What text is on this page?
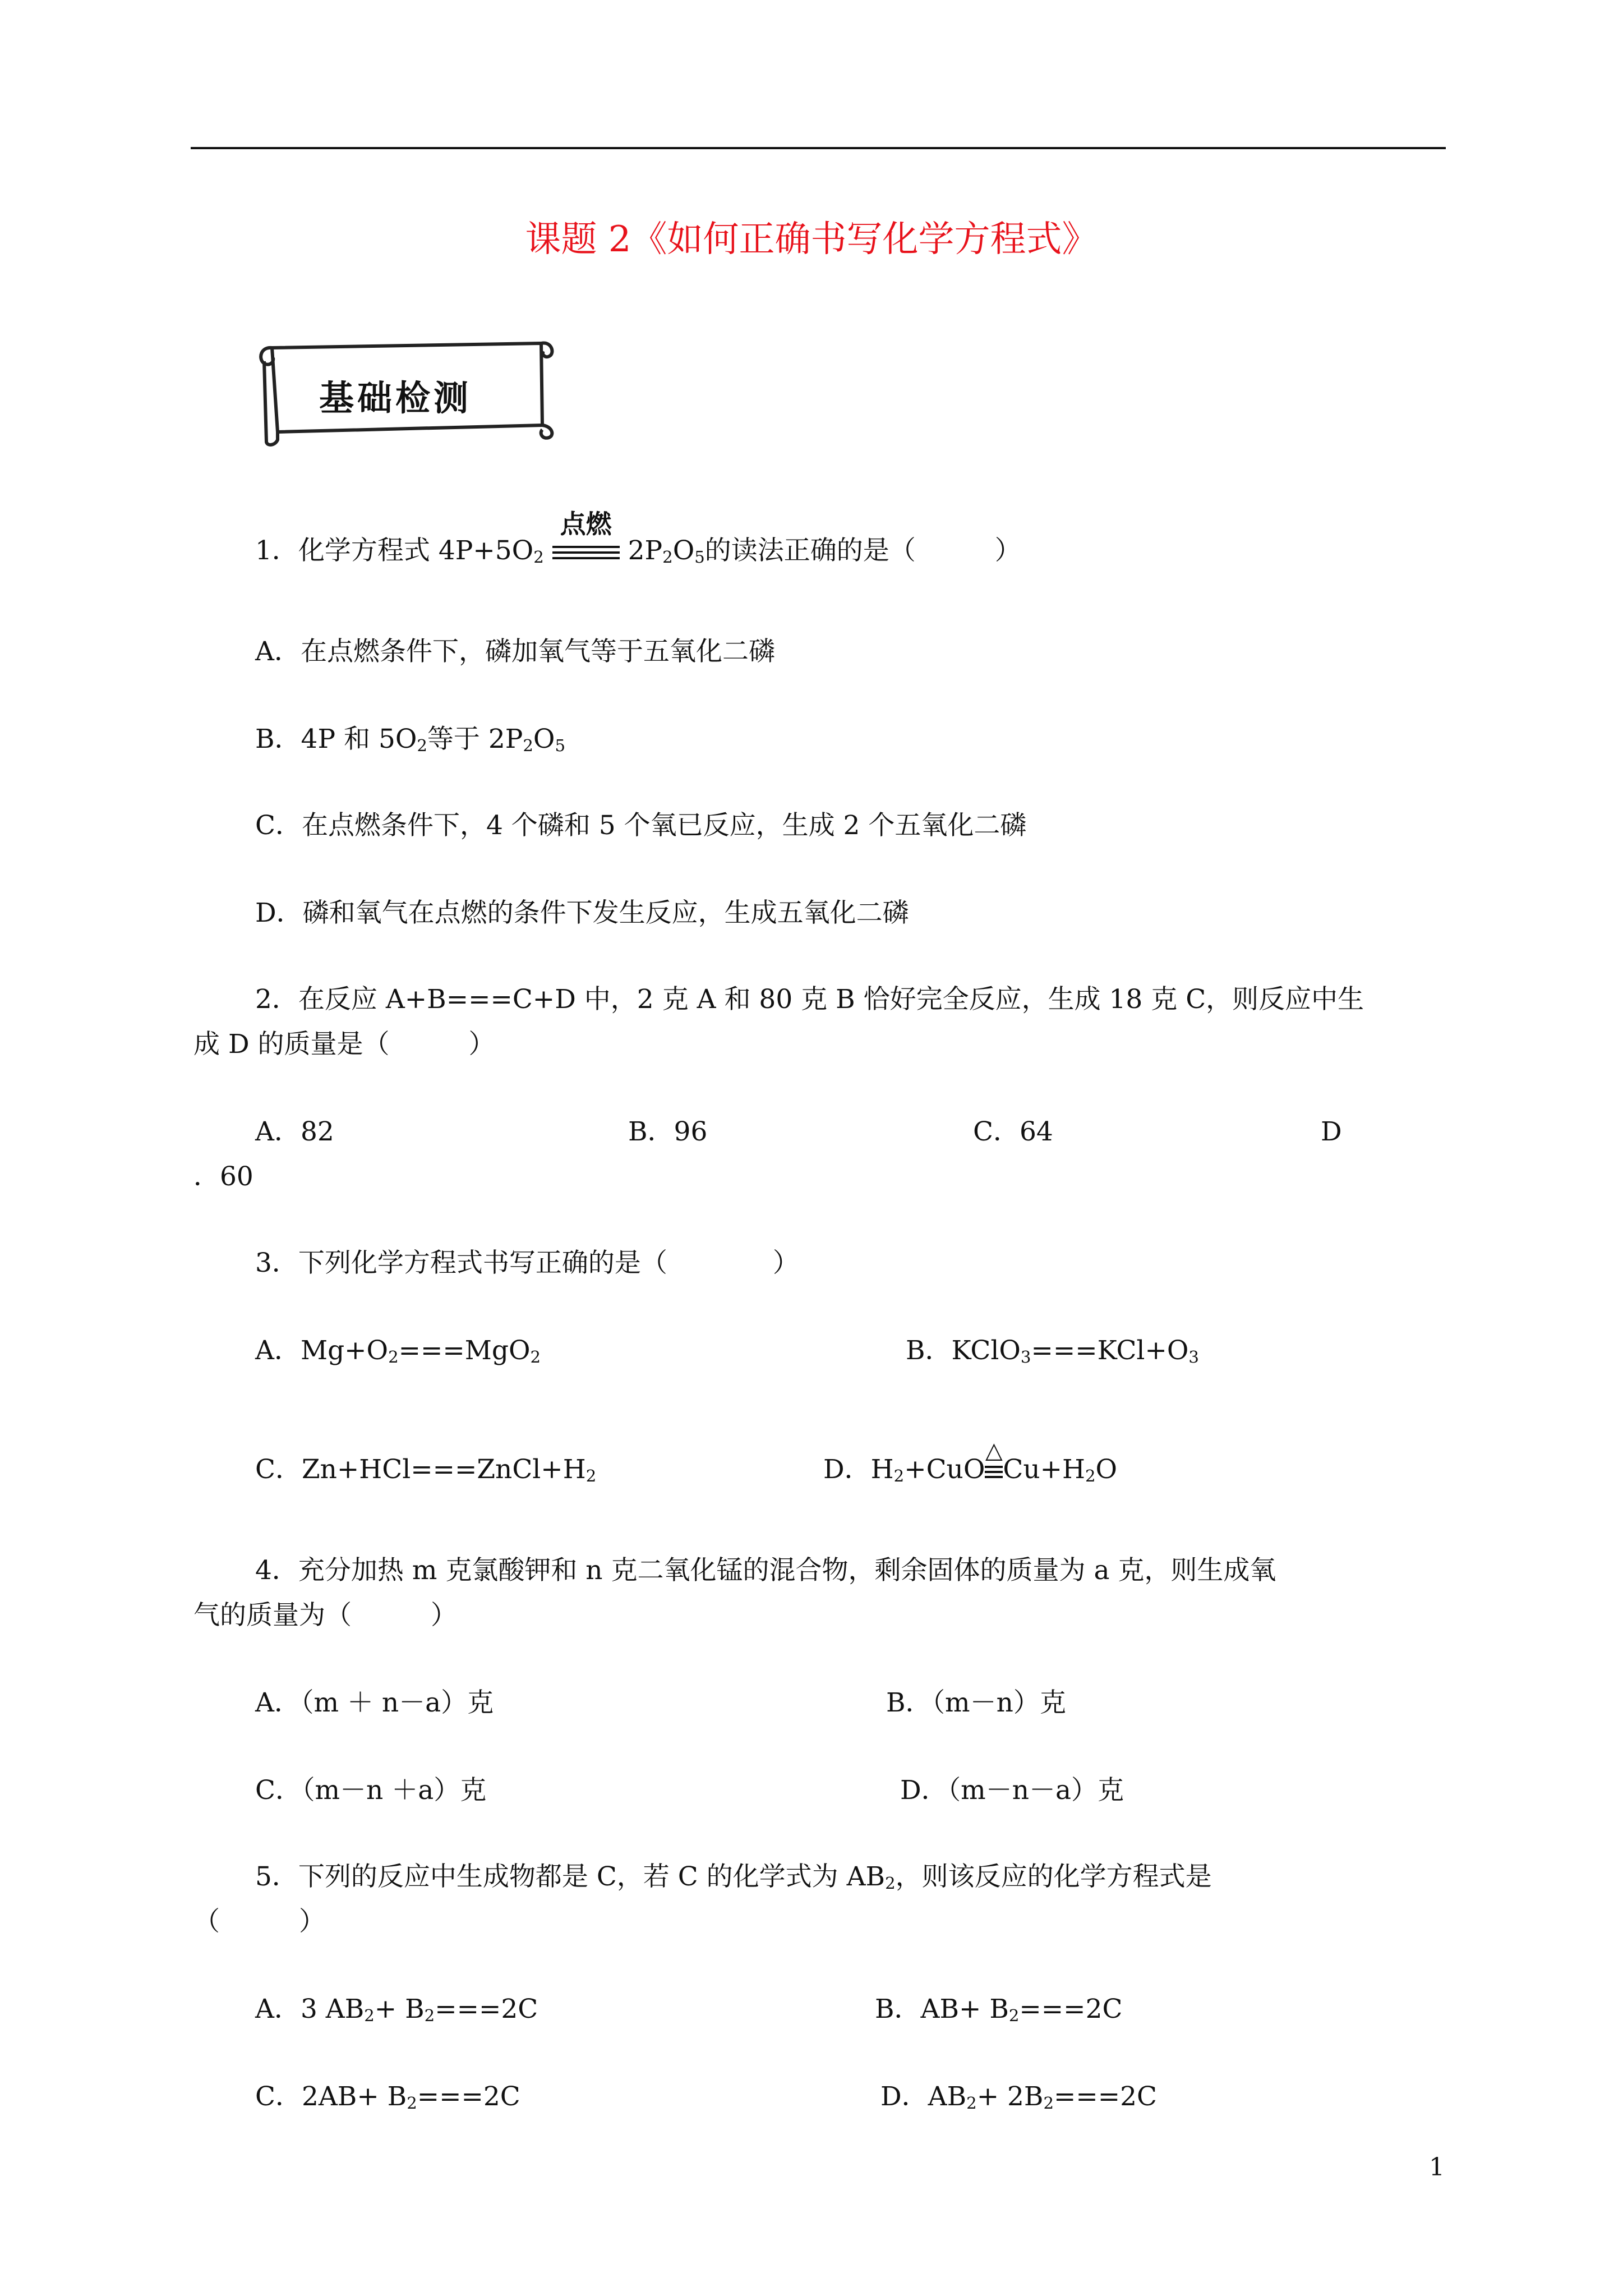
课题 2《如何正确书写化学方程式》
基础检测
1．化学方程式 $4P+5O_2$
点燃
$2P_2O_5$的读法正确的是（　　　）
A．在点燃条件下，磷加氧气等于五氧化二磷
B．4P 和 $5O_2$等于 $2P_2O_5$
C．在点燃条件下，4 个磷和 5 个氧已反应，生成 2 个五氧化二磷
D．磷和氧气在点燃的条件下发生反应，生成五氧化二磷
2．在反应 A+B===C+D 中，2 克 A 和 80 克 B 恰好完全反应，生成 18 克 C，则反应中生
成 D 的质量是（　　　）
A．82	B．96	C．64	D
．60
3．下列化学方程式书写正确的是（　　　　）
A．$Mg+O_2===MgO_2$	B．$KClO_3===KCl+O_3$
C．$Zn+HCl===ZnCl+H_2$	D．$H_2+CuO$
△
$Cu+H_2O$
4．充分加热 m 克氯酸钾和 n 克二氧化锰的混合物，剩余固体的质量为 a 克，则生成氧
气的质量为（　　　）
A．（m ＋ n－a）克	B．（m－n）克
C．（m－n ＋a）克	D．（m－n－a）克
5．下列的反应中生成物都是 C，若 C 的化学式为 $AB_2$，则该反应的化学方程式是
（　　　）
A．3 $AB_2+ B_2===2C$	B．$AB+ B_2===2C$
C．$2AB+ B_2===2C$	D．$AB_2+ 2B_2===2C$
1
